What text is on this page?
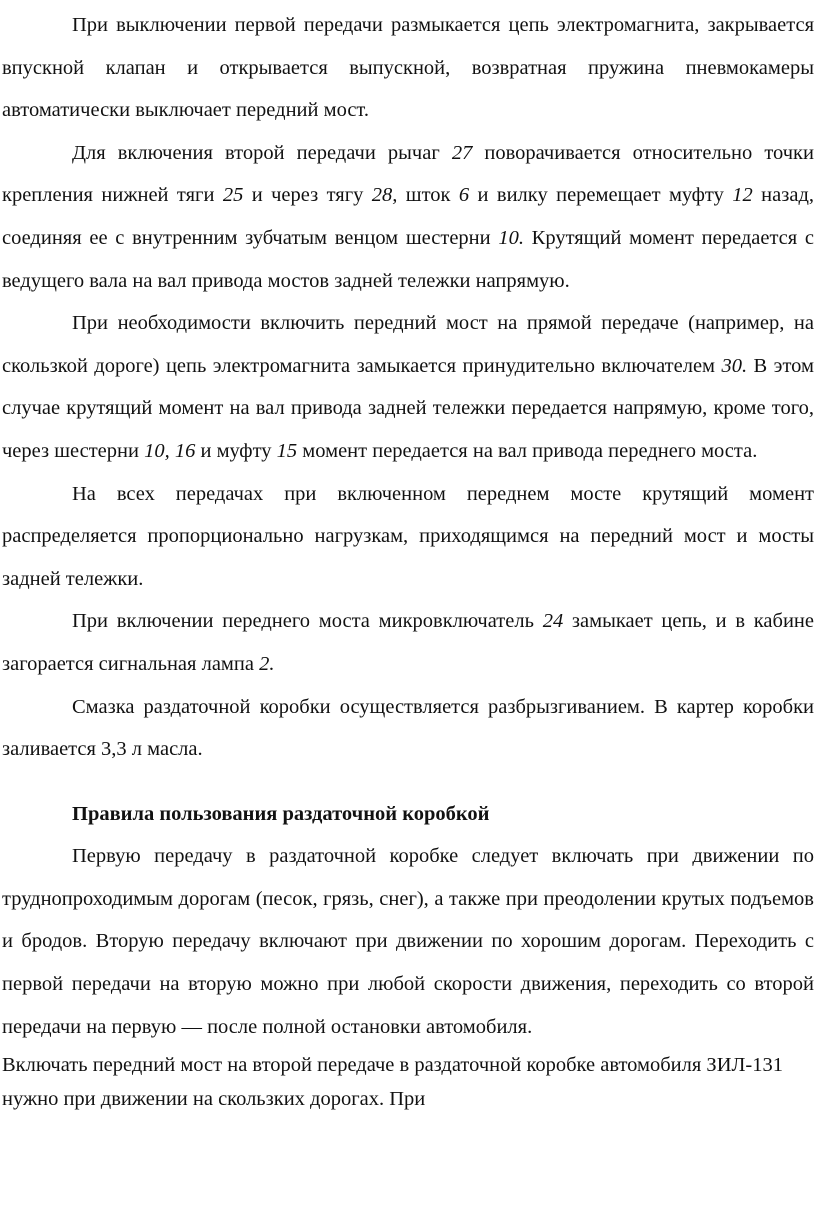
При выключении первой передачи размыкается цепь электромагнита, закрывается впускной клапан и открывается выпускной, возвратная пружина пневмокамеры автоматически выключает передний мост.

Для включения второй передачи рычаг 27 поворачивается относительно точки крепления нижней тяги 25 и через тягу 28, шток 6 и вилку перемещает муфту 12 назад, соединяя ее с внутренним зубчатым венцом шестерни 10. Крутящий момент передается с ведущего вала на вал привода мостов задней тележки напрямую.

При необходимости включить передний мост на прямой передаче (например, на скользкой дороге) цепь электромагнита замыкается принудительно включателем 30. В этом случае крутящий момент на вал привода задней тележки передается напрямую, кроме того, через шестерни 10, 16 и муфту 15 момент передается на вал привода переднего моста.

На всех передачах при включенном переднем мосте крутящий момент распределяется пропорционально нагрузкам, приходящимся на передний мост и мосты задней тележки.

При включении переднего моста микровключатель 24 замыкает цепь, и в кабине загорается сигнальная лампа 2.

Смазка раздаточной коробки осуществляется разбрызгиванием. В картер коробки заливается 3,3 л масла.

Правила пользования раздаточной коробкой

Первую передачу в раздаточной коробке следует включать при движении по труднопроходимым дорогам (песок, грязь, снег), а также при преодолении крутых подъемов и бродов. Вторую передачу включают при движении по хорошим дорогам. Переходить с первой передачи на вторую можно при любой скорости движения, переходить со второй передачи на первую — после полной остановки автомобиля.

Включать передний мост на второй передаче в раздаточной коробке автомобиля ЗИЛ-131 нужно при движении на скользких дорогах. При
